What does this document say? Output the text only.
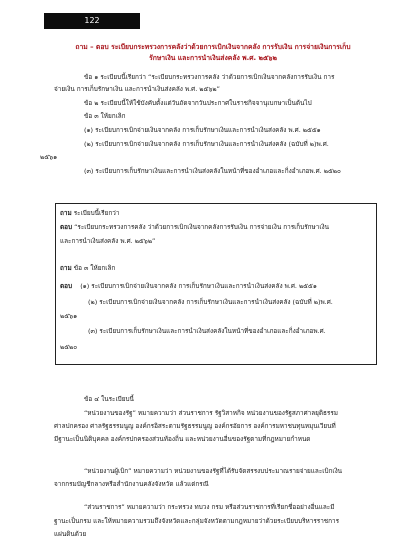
122
ถาม – ตอบ ระเบียบกระทรวงการคลังว่าด้วยการเบิกเงินจากคลัง การรับเงิน การจ่ายเงินการเก็บ
รักษาเงิน และการนำเงินส่งคลัง พ.ศ. ๒๕๖๒
ข้อ ๑ ระเบียบนี้เรียกว่า “ระเบียบกระทรวงการคลัง ว่าด้วยการเบิกเงินจากคลังการรับเงิน การ
จ่ายเงิน การเก็บรักษาเงิน และการนำเงินส่งคลัง พ.ศ. ๒๕๖๒”
ข้อ ๒ ระเบียบนี้ให้ใช้บังคับตั้งแต่วันถัดจากวันประกาศในราชกิจจานุเบกษาเป็นต้นไป
ข้อ ๓ ให้ยกเลิก
(๑) ระเบียบการเบิกจ่ายเงินจากคลัง การเก็บรักษาเงินและการนำเงินส่งคลัง พ.ศ. ๒๕๕๑
(๒) ระเบียบการเบิกจ่ายเงินจากคลัง การเก็บรักษาเงินและการนำเงินส่งคลัง (ฉบับที่ ๒)พ.ศ.
๒๕๖๑
(๓) ระเบียบการเก็บรักษาเงินและการนำเงินส่งคลังในหน้าที่ของอำเภอและกิ่งอำเภอพ.ศ. ๒๕๒๐
ถาม ระเบียบนี้เรียกว่า
ตอบ “ระเบียบกระทรวงการคลัง ว่าด้วยการเบิกเงินจากคลังการรับเงิน การจ่ายเงิน การเก็บรักษาเงิน
และการนำเงินส่งคลัง พ.ศ. ๒๕๖๒”
ถาม ข้อ ๓ ให้ยกเลิก
ตอบ (๑) ระเบียบการเบิกจ่ายเงินจากคลัง การเก็บรักษาเงินและการนำเงินส่งคลัง พ.ศ. ๒๕๕๑
(๒) ระเบียบการเบิกจ่ายเงินจากคลัง การเก็บรักษาเงินและการนำเงินส่งคลัง (ฉบับที่ ๒)พ.ศ.
๒๕๖๑
(๓) ระเบียบการเก็บรักษาเงินและการนำเงินส่งคลังในหน้าที่ของอำเภอและกิ่งอำเภอพ.ศ.
๒๕๒๐
ข้อ ๔ ในระเบียบนี้
“หน่วยงานของรัฐ” หมายความว่า ส่วนราชการ รัฐวิสาหกิจ หน่วยงานของรัฐสภาศาลยุติธรรม
ศาลปกครอง ศาลรัฐธรรมนูญ องค์กรอิสระตามรัฐธรรมนูญ องค์กรอัยการ องค์การมหาชนทุนหมุนเวียนที่
มีฐานะเป็นนิติบุคคล องค์กรปกครองส่วนท้องถิ่น และหน่วยงานอื่นของรัฐตามที่กฎหมายกำหนด
“หน่วยงานผู้เบิก” หมายความว่า หน่วยงานของรัฐที่ได้รับจัดสรรงบประมาณรายจ่ายและเบิกเงิน
จากกรมบัญชีกลางหรือสำนักงานคลังจังหวัด แล้วแต่กรณี
“ส่วนราชการ” หมายความว่า กระทรวง ทบวง กรม หรือส่วนราชการที่เรียกชื่ออย่างอื่นและมี
ฐานะเป็นกรม และให้หมายความรวมถึงจังหวัดและกลุ่มจังหวัดตามกฎหมายว่าด้วยระเบียบบริหารราชการ
แผ่นดินด้วย
